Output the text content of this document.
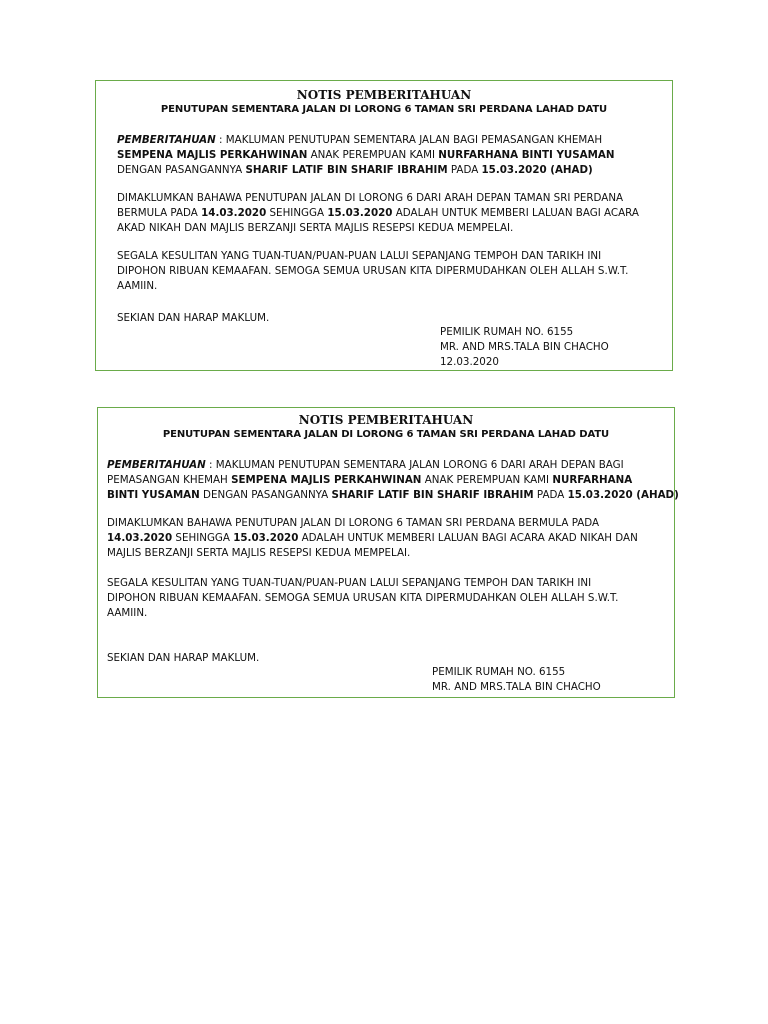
NOTIS PEMBERITAHUAN
PENUTUPAN SEMENTARA JALAN DI LORONG 6 TAMAN SRI PERDANA LAHAD DATU
PEMBERITAHUAN : MAKLUMAN PENUTUPAN SEMENTARA JALAN BAGI PEMASANGAN KHEMAH
SEMPENA MAJLIS PERKAHWINAN ANAK PEREMPUAN KAMI NURFARHANA BINTI YUSAMAN
DENGAN PASANGANNYA SHARIF LATIF BIN SHARIF IBRAHIM PADA 15.03.2020 (AHAD)
DIMAKLUMKAN BAHAWA PENUTUPAN JALAN DI LORONG 6 DARI ARAH DEPAN TAMAN SRI PERDANA
BERMULA PADA 14.03.2020 SEHINGGA 15.03.2020 ADALAH UNTUK MEMBERI LALUAN BAGI ACARA
AKAD NIKAH DAN MAJLIS BERZANJI SERTA MAJLIS RESEPSI KEDUA MEMPELAI.
SEGALA KESULITAN YANG TUAN-TUAN/PUAN-PUAN LALUI SEPANJANG TEMPOH DAN TARIKH INI
DIPOHON RIBUAN KEMAAFAN. SEMOGA SEMUA URUSAN KITA DIPERMUDAHKAN OLEH ALLAH S.W.T.
AAMIIN.
SEKIAN DAN HARAP MAKLUM.
PEMILIK RUMAH NO. 6155
MR. AND MRS.TALA BIN CHACHO
12.03.2020
NOTIS PEMBERITAHUAN
PENUTUPAN SEMENTARA JALAN DI LORONG 6 TAMAN SRI PERDANA LAHAD DATU
PEMBERITAHUAN : MAKLUMAN PENUTUPAN SEMENTARA JALAN LORONG 6 DARI ARAH DEPAN BAGI
PEMASANGAN KHEMAH SEMPENA MAJLIS PERKAHWINAN ANAK PEREMPUAN KAMI NURFARHANA
BINTI YUSAMAN DENGAN PASANGANNYA SHARIF LATIF BIN SHARIF IBRAHIM PADA 15.03.2020 (AHAD)
DIMAKLUMKAN BAHAWA PENUTUPAN JALAN DI LORONG 6 TAMAN SRI PERDANA BERMULA PADA
14.03.2020 SEHINGGA 15.03.2020 ADALAH UNTUK MEMBERI LALUAN BAGI ACARA AKAD NIKAH DAN
MAJLIS BERZANJI SERTA MAJLIS RESEPSI KEDUA MEMPELAI.
SEGALA KESULITAN YANG TUAN-TUAN/PUAN-PUAN LALUI SEPANJANG TEMPOH DAN TARIKH INI
DIPOHON RIBUAN KEMAAFAN. SEMOGA SEMUA URUSAN KITA DIPERMUDAHKAN OLEH ALLAH S.W.T.
AAMIIN.
SEKIAN DAN HARAP MAKLUM.
PEMILIK RUMAH NO. 6155
MR. AND MRS.TALA BIN CHACHO
